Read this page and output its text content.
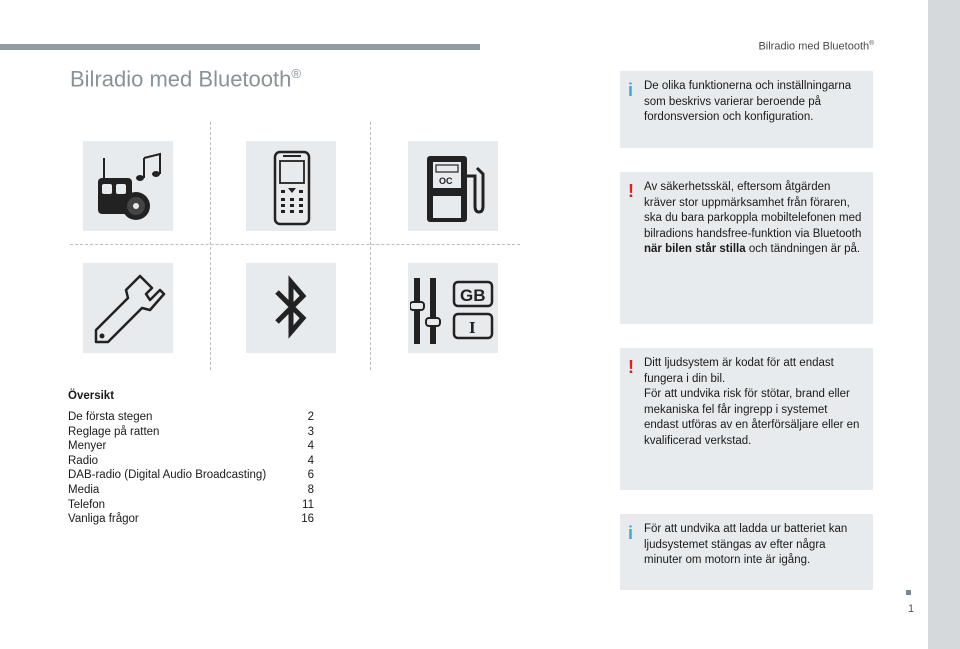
Bilradio med Bluetooth®
Bilradio med Bluetooth®
OC
GB
I
Översikt
De första stegen	2
Reglage på ratten	3
Menyer	4
Radio	4
DAB-radio (Digital Audio Broadcasting)	6
Media	8
Telefon	11
Vanliga frågor	16
i De olika funktionerna och inställningarna som beskrivs varierar beroende på fordonsversion och konfiguration.

! Av säkerhetsskäl, eftersom åtgärden kräver stor uppmärksamhet från föraren, ska du bara parkoppla mobiltelefonen med bilradions handsfree-funktion via Bluetooth när bilen står stilla och tändningen är på.

! Ditt ljudsystem är kodat för att endast fungera i din bil.

För att undvika risk för stötar, brand eller mekaniska fel får ingrepp i systemet endast utföras av en återförsäljare eller en kvalificerad verkstad.

i För att undvika att ladda ur batteriet kan ljudsystemet stängas av efter några minuter om motorn inte är igång.

1
